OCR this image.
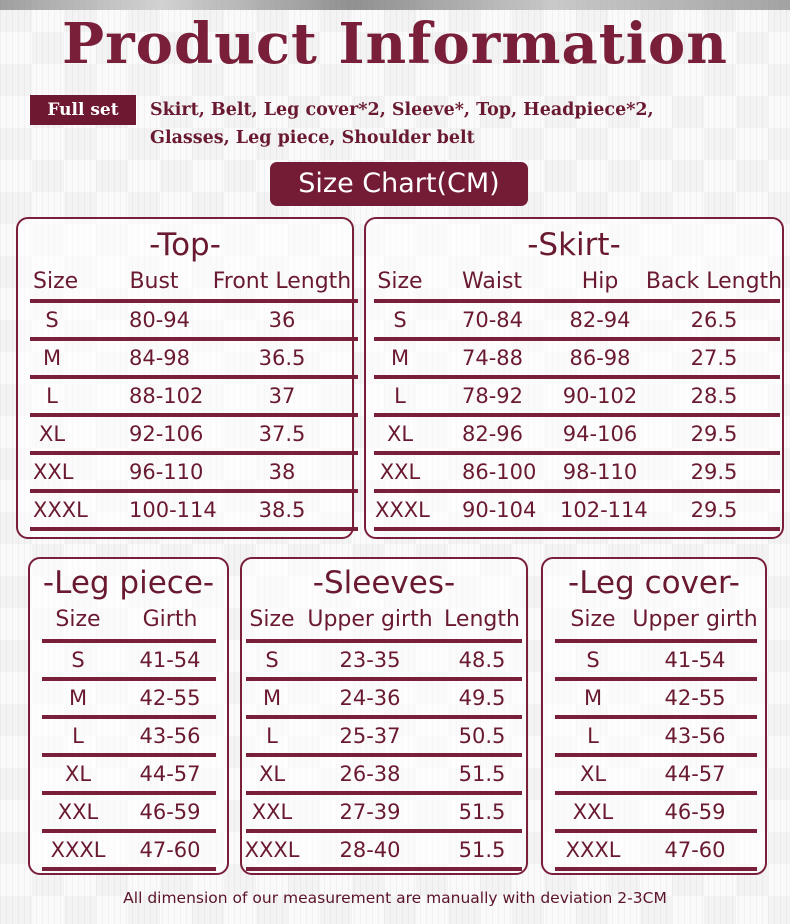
Product Information
Full set	Skirt, Belt, Leg cover*2, Sleeve*, Top, Headpiece*2,
Glasses, Leg piece, Shoulder belt
Size Chart(CM)
-Top-
Size Bust Front Length
S	80-94	36
M	84-98	36.5
L	88-102	37
XL	92-106	37.5
XXL	96-110	38
XXXL 100-114	38.5
-Skirt-
Size Waist	Hip	Back Length
S	70-84	82-94	26.5
M	74-88	86-98	27.5
L	78-92 90-102	28.5
XL	82-96 94-106	29.5
XXL 86-100 98-110	29.5
XXXL 90-104 102-114	29.5
-Leg piece-
Size	Girth
S	41-54
M	42-55
L	43-56
XL	44-57
XXL	46-59
XXXL	47-60
-Sleeves-
Size Upper girth Length
S	23-35	48.5
M	24-36	49.5
L	25-37	50.5
XL	26-38	51.5
XXL	27-39	51.5
XXXL	28-40	51.5
-Leg cover-
Size Upper girth
S	41-54
M	42-55
L	43-56
XL	44-57
XXL	46-59
XXXL	47-60
All dimension of our measurement are manually with deviation 2-3CM
